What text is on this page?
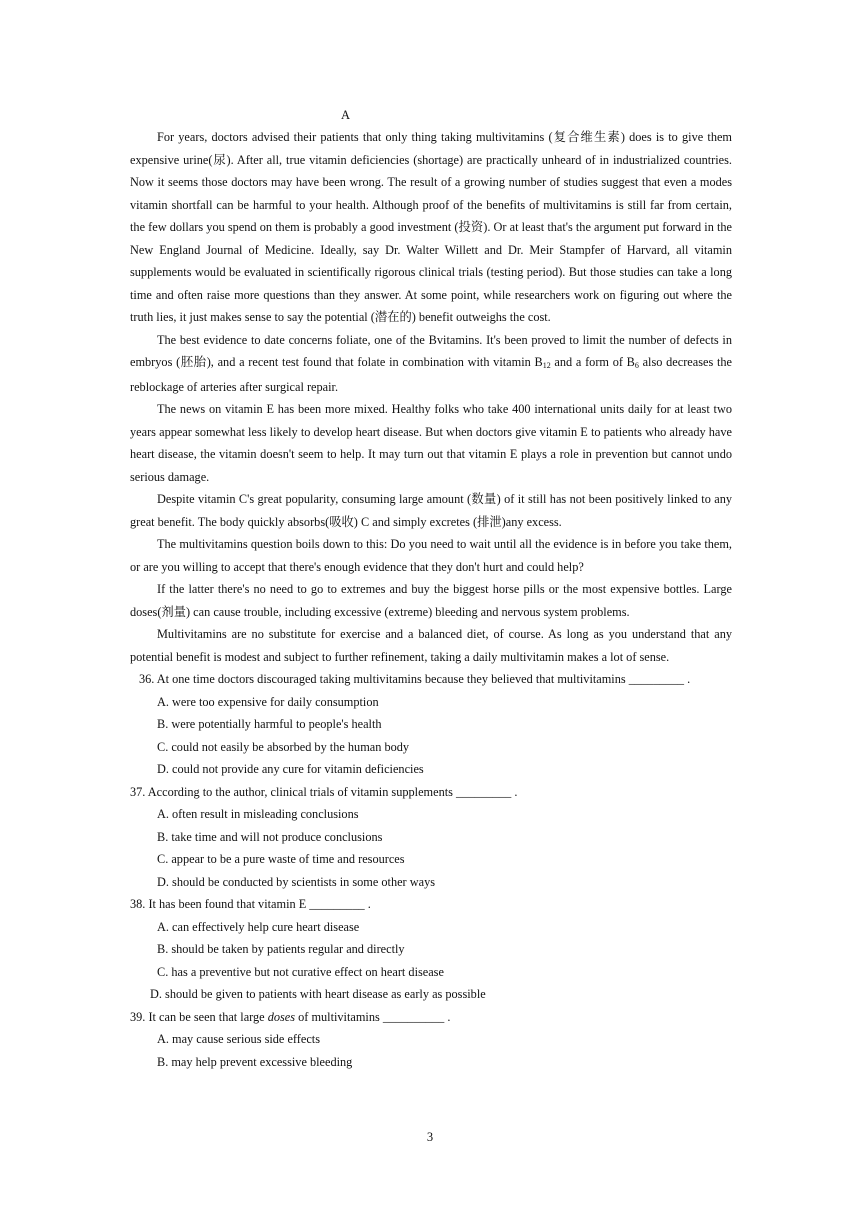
A

For years, doctors advised their patients that only thing taking multivitamins (复合维生素) does is to give them expensive urine(尿). After all, true vitamin deficiencies (shortage) are practically unheard of in industrialized countries. Now it seems those doctors may have been wrong. The result of a growing number of studies suggest that even a modes vitamin shortfall can be harmful to your health. Although proof of the benefits of multivitamins is still far from certain, the few dollars you spend on them is probably a good investment (投资). Or at least that's the argument put forward in the New England Journal of Medicine. Ideally, say Dr. Walter Willett and Dr. Meir Stampfer of Harvard, all vitamin supplements would be evaluated in scientifically rigorous clinical trials (testing period). But those studies can take a long time and often raise more questions than they answer. At some point, while researchers work on figuring out where the truth lies, it just makes sense to say the potential (潜在的) benefit outweighs the cost.

The best evidence to date concerns foliate, one of the Bvitamins. It's been proved to limit the number of defects in embryos (胚胎), and a recent test found that folate in combination with vitamin $B_{12}$ and a form of $B_6$ also decreases the reblockage of arteries after surgical repair.

The news on vitamin E has been more mixed. Healthy folks who take 400 international units daily for at least two years appear somewhat less likely to develop heart disease. But when doctors give vitamin E to patients who already have heart disease, the vitamin doesn't seem to help. It may turn out that vitamin E plays a role in prevention but cannot undo serious damage.

Despite vitamin C's great popularity, consuming large amount (数量) of it still has not been positively linked to any great benefit. The body quickly absorbs(吸收) C and simply excretes (排泄)any excess.

The multivitamins question boils down to this: Do you need to wait until all the evidence is in before you take them, or are you willing to accept that there's enough evidence that they don't hurt and could help?

If the latter there's no need to go to extremes and buy the biggest horse pills or the most expensive bottles. Large doses(剂量) can cause trouble, including excessive (extreme) bleeding and nervous system problems.

Multivitamins are no substitute for exercise and a balanced diet, of course. As long as you understand that any potential benefit is modest and subject to further refinement, taking a daily multivitamin makes a lot of sense.

36. At one time doctors discouraged taking multivitamins because they believed that multivitamins _________ .
A. were too expensive for daily consumption
B. were potentially harmful to people's health
C. could not easily be absorbed by the human body
D. could not provide any cure for vitamin deficiencies
37. According to the author, clinical trials of vitamin supplements _________ .
A. often result in misleading conclusions
B. take time and will not produce conclusions
C. appear to be a pure waste of time and resources
D. should be conducted by scientists in some other ways
38. It has been found that vitamin E _________ .
A. can effectively help cure heart disease
B. should be taken by patients regular and directly
C. has a preventive but not curative effect on heart disease
D. should be given to patients with heart disease as early as possible
39. It can be seen that large doses of multivitamins __________ .
A. may cause serious side effects
B. may help prevent excessive bleeding
3
